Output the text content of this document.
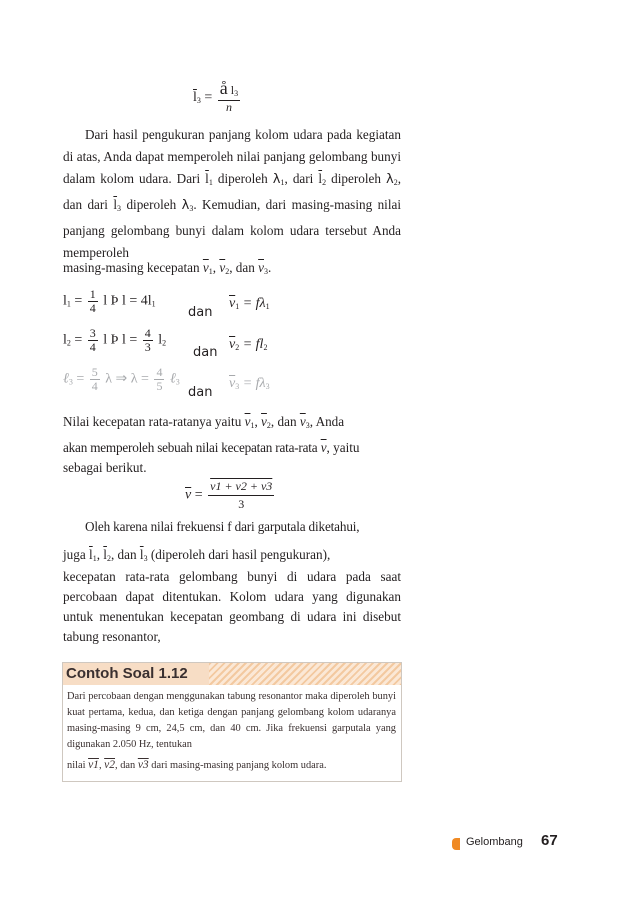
$\overline{l}_3 = \frac{å l_3}{n}$
Dari hasil pengukuran panjang kolom udara pada kegiatan di atas, Anda dapat memperoleh nilai panjang gelombang bunyi dalam kolom udara. Dari $\overline{l}_1$ diperoleh $\lambda_1$, dari $\overline{l}_2$ diperoleh $\lambda_2$, dan dari $\overline{l}_3$ diperoleh $\lambda_3$. Kemudian, dari masing-masing nilai panjang gelombang bunyi dalam kolom udara tersebut Anda memperoleh
masing-masing kecepatan $\overline{v}_1$, $\overline{v}_2$, dan $\overline{v}_3$.
$l_1 = \frac{1}{4}$ l Þ $l = 4l_1$
dan
$\overline{v}_1 = f\lambda_1$
$l_2 = \frac{3}{4}$ l Þ $l = \frac{4}{3} l_2$
dan
$\overline{v}_2 = fl_2$
ℓ$_3$ = $\frac{5}{4}$ λ ⇒ $\lambda = \frac{4}{5}$ ℓ$_3$
dan
$\overline{v}_3 = f\lambda_3$
Nilai kecepatan rata-ratanya yaitu $\overline{v}_1$, $\overline{v}_2$, dan $\overline{v}_3$, Anda
akan memperoleh sebuah nilai kecepatan rata-rata $\overline{v}$, yaitu
sebagai berikut.
$\overline{v} = \frac{v1 + v2 + v3}{3}$
Oleh karena nilai frekuensi f dari garputala diketahui,
juga $\overline{l}_1$, $\overline{l}_2$, dan $\overline{l}_3$ (diperoleh dari hasil pengukuran),
kecepatan rata-rata gelombang bunyi di udara pada saat percobaan dapat ditentukan. Kolom udara yang digunakan untuk menentukan kecepatan geombang di udara ini disebut tabung resonantor,
Contoh Soal 1.12
Dari percobaan dengan menggunakan tabung resonantor maka diperoleh bunyi kuat pertama, kedua, dan ketiga dengan panjang gelombang kolom udaranya masing-masing 9 cm, 24,5 cm, dan 40 cm. Jika frekuensi garputala yang digunakan 2.050 Hz, tentukan
nilai v1, v2, dan v3 dari masing-masing panjang kolom udara.
Gelombang 67
